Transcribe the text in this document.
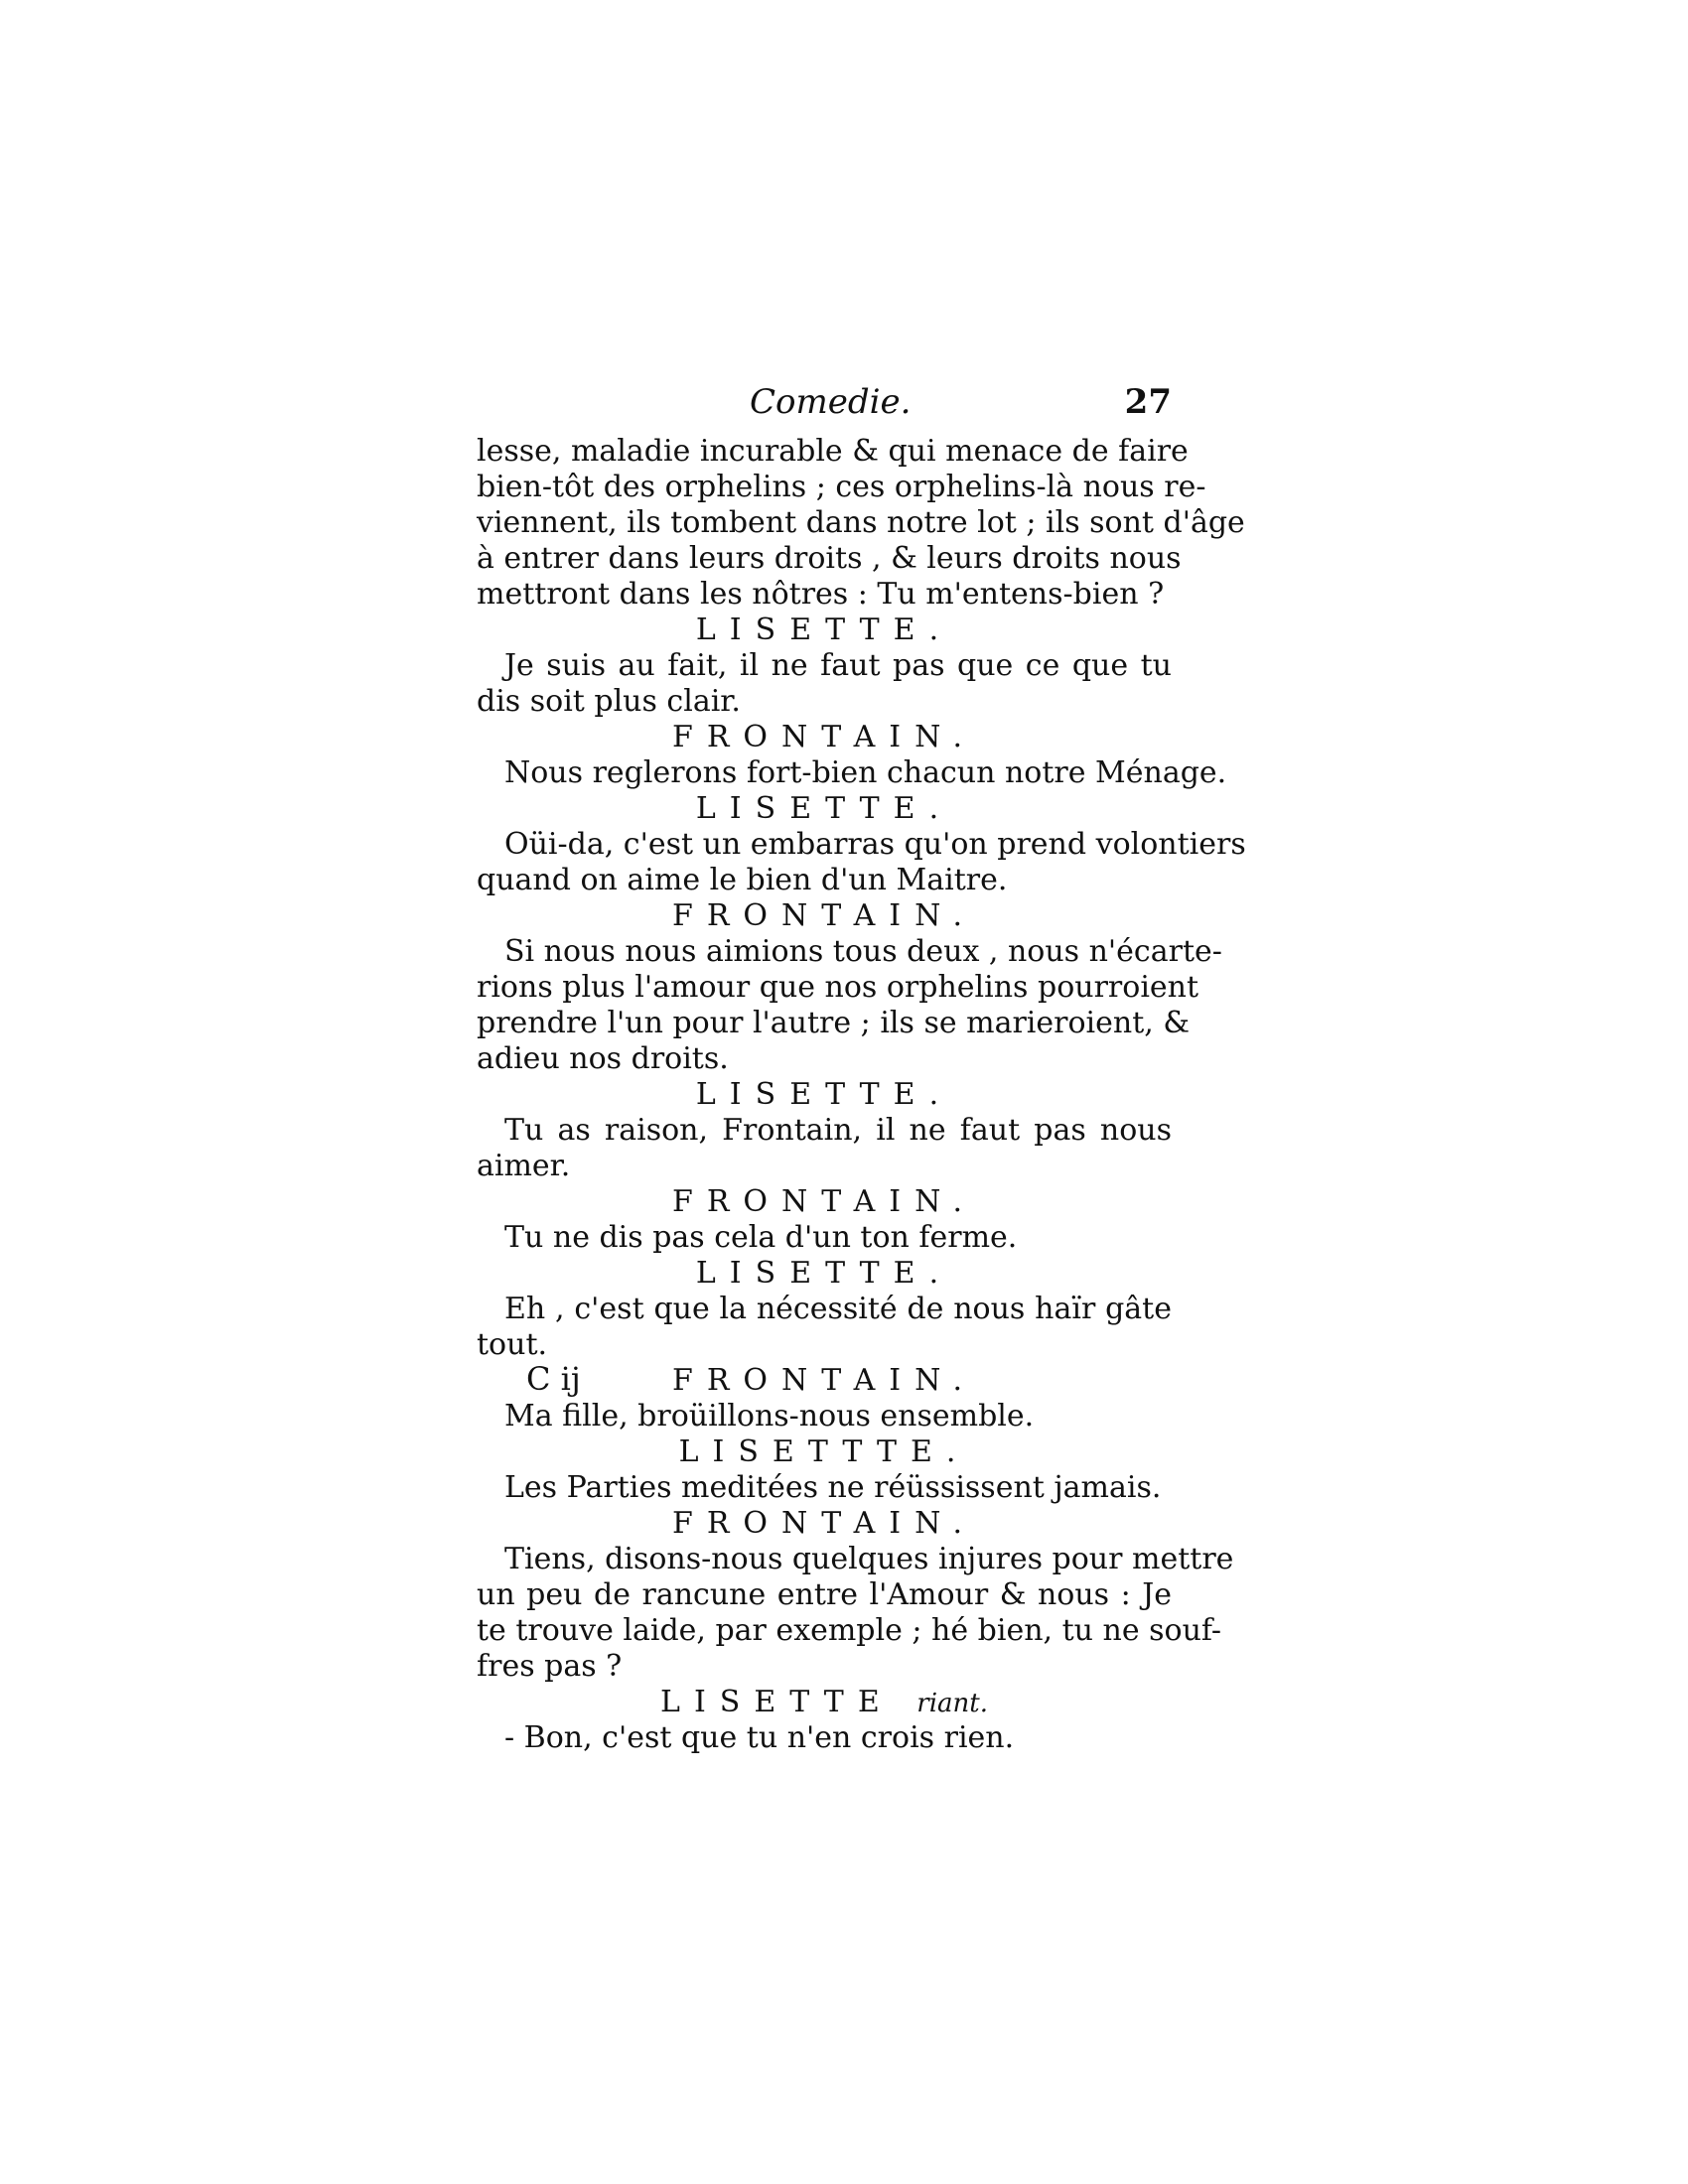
Comedie.	27
lesse, maladie incurable & qui menace de faire
bien-tôt des orphelins ; ces orphelins-là nous re-
viennent, ils tombent dans notre lot ; ils sont d'âge
à entrer dans leurs droits , & leurs droits nous
mettront dans les nôtres : Tu m'entens-bien ?
LISETTE.
Je suis au fait, il ne faut pas que ce que tu
dis soit plus clair.
FRONTAIN.
Nous reglerons fort-bien chacun notre Ménage.
LISETTE.
Oüi-da, c'est un embarras qu'on prend volontiers
quand on aime le bien d'un Maitre.
FRONTAIN.
Si nous nous aimions tous deux , nous n'écarte-
rions plus l'amour que nos orphelins pourroient
prendre l'un pour l'autre ; ils se marieroient, &
adieu nos droits.
LISETTE.
Tu as raison, Frontain, il ne faut pas nous
aimer.
FRONTAIN.
Tu ne dis pas cela d'un ton ferme.
LISETTE.
Eh , c'est que la nécessité de nous haïr gâte
tout.
FRONTAIN.
Ma fille, broüillons-nous ensemble.
LISETTTE.
Les Parties meditées ne réüssissent jamais.
FRONTAIN.
Tiens, disons-nous quelques injures pour mettre
un peu de rancune entre l'Amour & nous : Je
te trouve laide, par exemple ; hé bien, tu ne souf-
fres pas ?
LISETTE riant.
- Bon, c'est que tu n'en crois rien.
C ij
